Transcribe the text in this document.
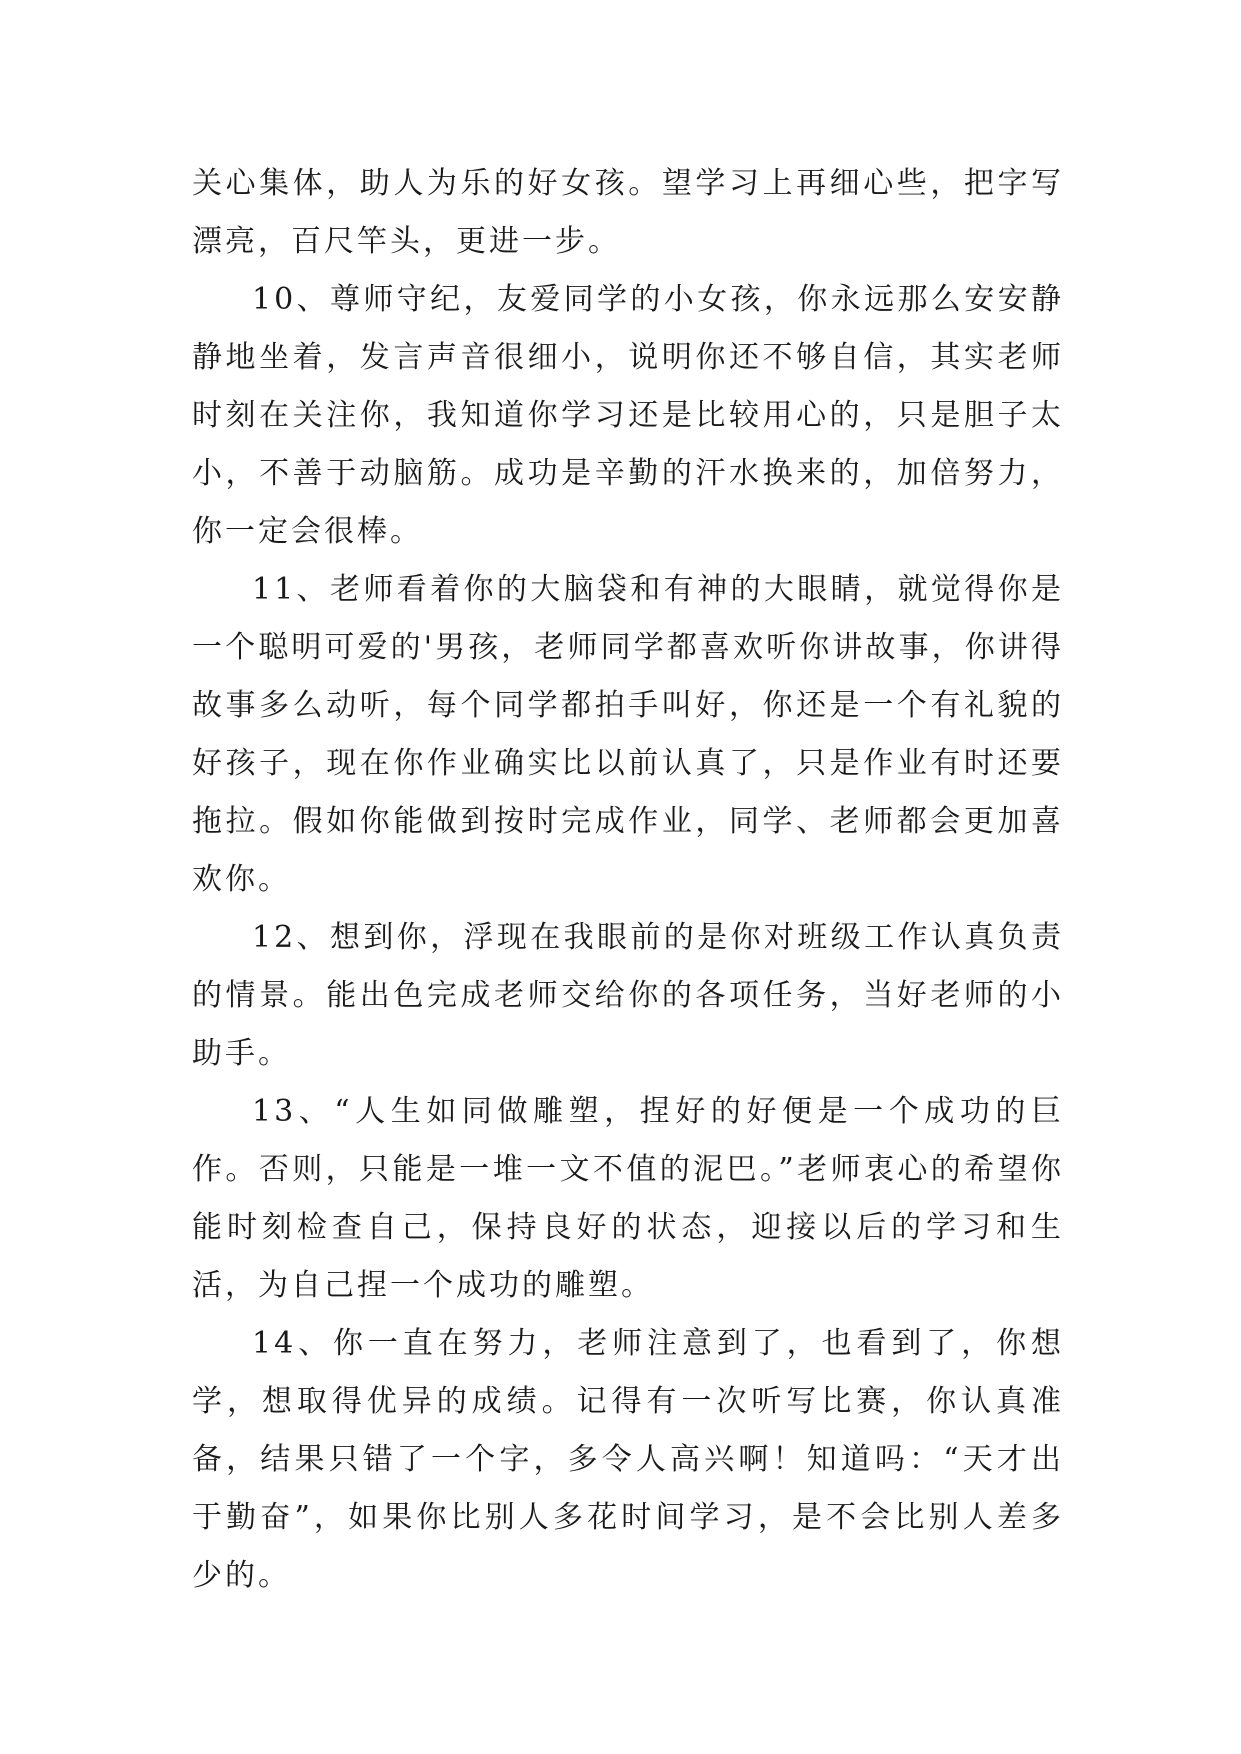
关心集体，助人为乐的好女孩。望学习上再细心些，把字写漂亮，百尺竿头，更进一步。

10、尊师守纪，友爱同学的小女孩，你永远那么安安静静地坐着，发言声音很细小，说明你还不够自信，其实老师时刻在关注你，我知道你学习还是比较用心的，只是胆子太小，不善于动脑筋。成功是辛勤的汗水换来的，加倍努力，你一定会很棒。

11、老师看着你的大脑袋和有神的大眼睛，就觉得你是一个聪明可爱的'男孩，老师同学都喜欢听你讲故事，你讲得故事多么动听，每个同学都拍手叫好，你还是一个有礼貌的好孩子，现在你作业确实比以前认真了，只是作业有时还要拖拉。假如你能做到按时完成作业，同学、老师都会更加喜欢你。

12、想到你，浮现在我眼前的是你对班级工作认真负责的情景。能出色完成老师交给你的各项任务，当好老师的小助手。

13、“人生如同做雕塑，捏好的好便是一个成功的巨作。否则，只能是一堆一文不值的泥巴。”老师衷心的希望你能时刻检查自己，保持良好的状态，迎接以后的学习和生活，为自己捏一个成功的雕塑。

14、你一直在努力，老师注意到了，也看到了，你想学，想取得优异的成绩。记得有一次听写比赛，你认真准备，结果只错了一个字，多令人高兴啊！知道吗：“天才出于勤奋”，如果你比别人多花时间学习，是不会比别人差多少的。
